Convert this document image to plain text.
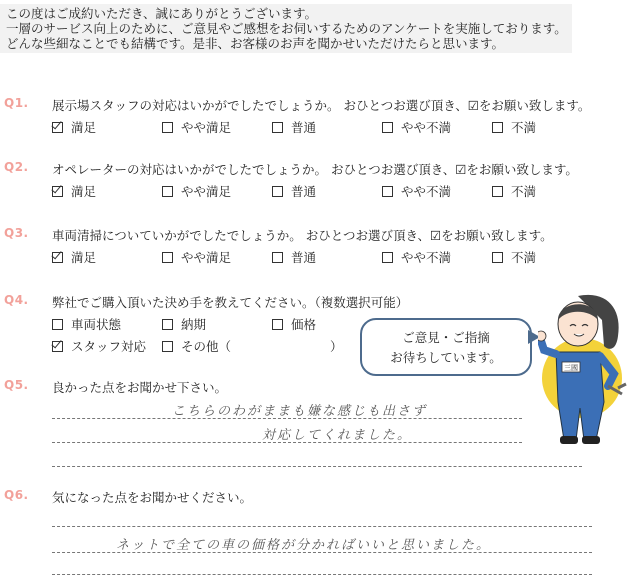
この度はご成約いただき、誠にありがとうございます。
一層のサービス向上のために、ご意見やご感想をお伺いするためのアンケートを実施しております。
どんな些細なことでも結構です。是非、お客様のお声を聞かせいただけたらと思います。
Q1. 展示場スタッフの対応はいかがでしたでしょうか。 おひとつお選び頂き、☑をお願い致します。
満足	やや満足	普通	やや不満	不満
Q2. オペレーターの対応はいかがでしたでしょうか。 おひとつお選び頂き、☑をお願い致します。
満足	やや満足	普通	やや不満	不満
Q3. 車両清掃についていかがでしたでしょうか。 おひとつお選び頂き、☑をお願い致します。
満足	やや満足	普通	やや不満	不満
Q4. 弊社でご購入頂いた決め手を教えてください。（複数選択可能）
車両状態	納期	価格
スタッフ対応	その他（	）
ご意見・ご指摘
お待ちしています。
三國
Q5. 良かった点をお聞かせ下さい。
こちらのわがままも嫌な感じも出さず
対応してくれました。
Q6. 気になった点をお聞かせください。
ネットで全ての車の価格が分かればいいと思いました。
